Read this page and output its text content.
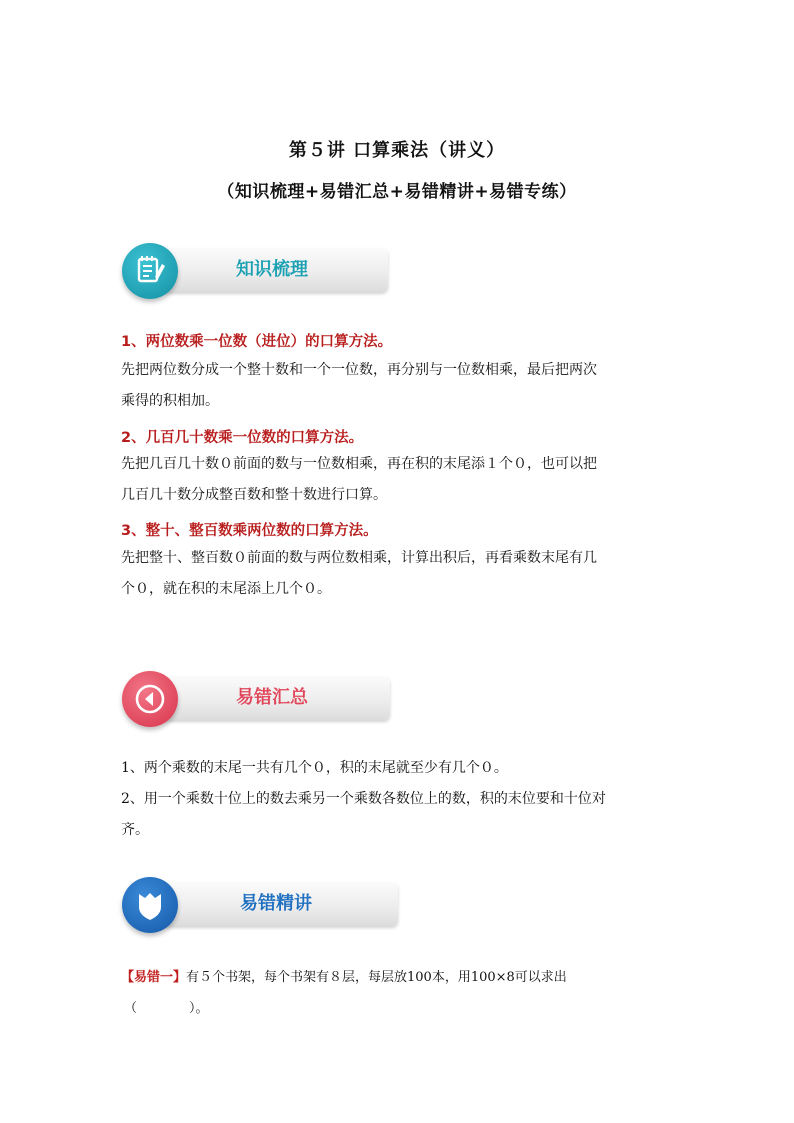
第５讲 口算乘法（讲义）
（知识梳理+易错汇总+易错精讲+易错专练）
知识梳理
1、两位数乘一位数（进位）的口算方法。
先把两位数分成一个整十数和一个一位数，再分别与一位数相乘，最后把两次
乘得的积相加。
2、几百几十数乘一位数的口算方法。
先把几百几十数０前面的数与一位数相乘，再在积的末尾添１个０，也可以把
几百几十数分成整百数和整十数进行口算。
3、整十、整百数乘两位数的口算方法。
先把整十、整百数０前面的数与两位数相乘，计算出积后，再看乘数末尾有几
个０，就在积的末尾添上几个０。
易错汇总
1、两个乘数的末尾一共有几个０，积的末尾就至少有几个０。
2、用一个乘数十位上的数去乘另一个乘数各数位上的数，积的末位要和十位对
齐。
易错精讲
【易错一】有５个书架，每个书架有８层，每层放100本，用100×8可以求出
（　　　　）。
